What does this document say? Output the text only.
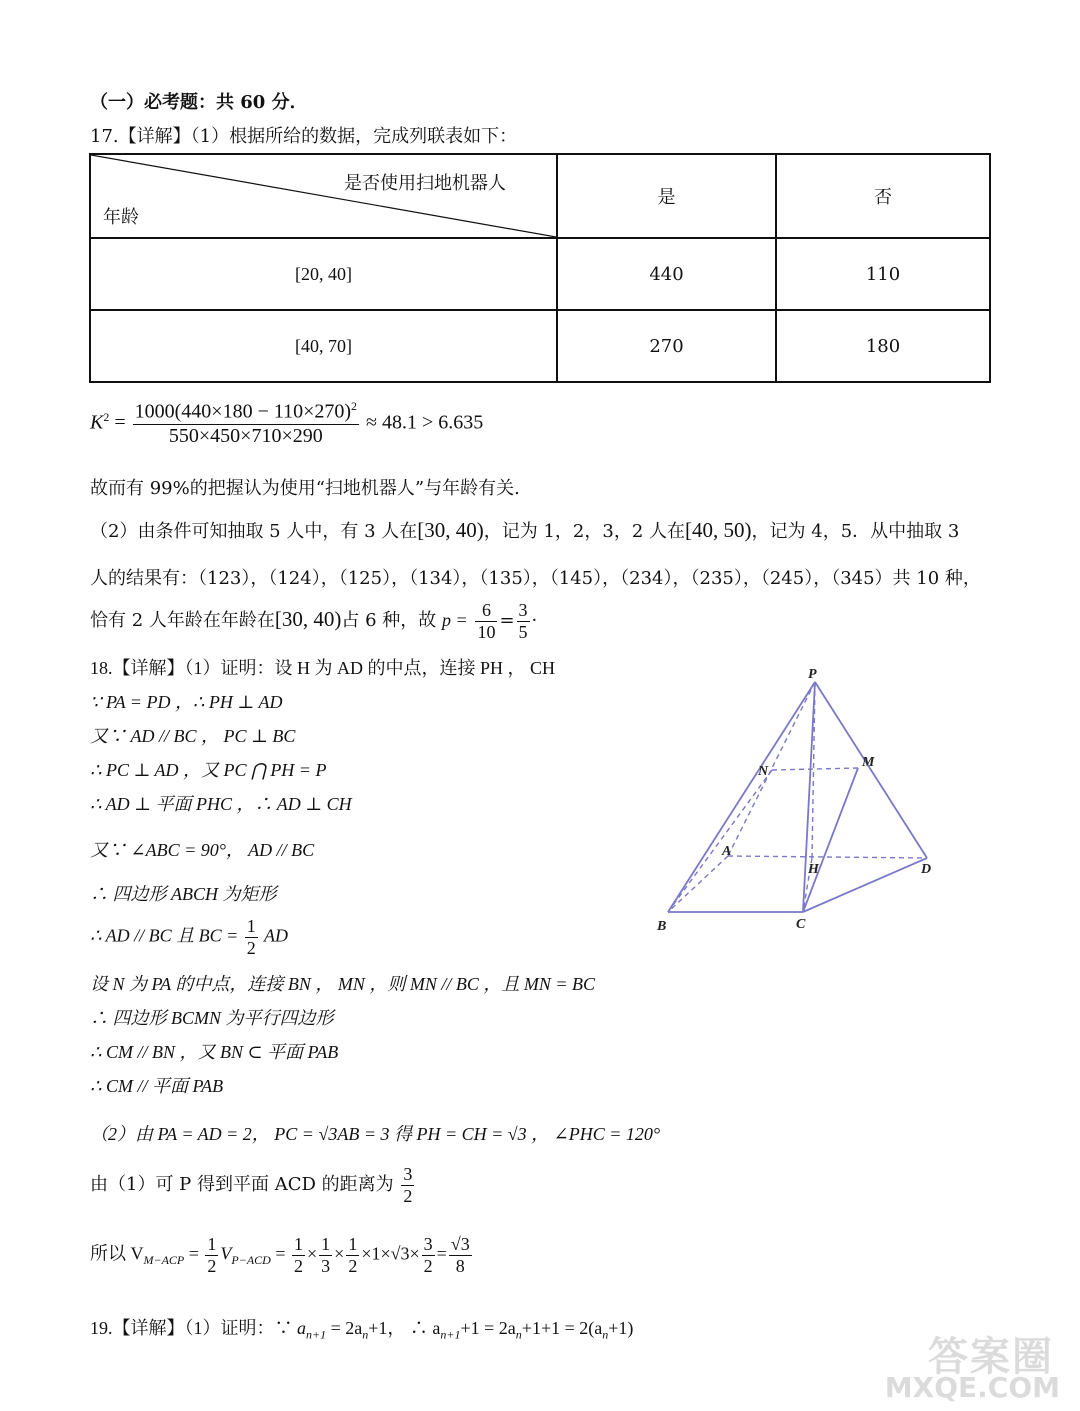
（一）必考题：共 60 分．
17.【详解】（1）根据所给的数据，完成列联表如下：
是否使用扫地机器人
年龄	是	否
[20, 40]	440	110
[40, 70]	270	180
$K^2 = \frac{1000(440\times 180 - 110\times 270)^2}{550\times 450\times 710\times 290} \approx 48.1 > 6.635$
故而有 99%的把握认为使用“扫地机器人”与年龄有关.
（2）由条件可知抽取 5 人中，有 3 人在[30, 40)，记为 1，2，3，2 人在[40, 50)，记为 4，5．从中抽取 3
人的结果有：（123），（124），（125），（134），（135），（145），（234），（235），（245），（345）共 10 种，
恰有 2 人年龄在年龄在[30, 40)占 6 种，故 $p = \frac{6}{10} = \frac{3}{5}$ ·
18.【详解】（1）证明：设 H 为 AD 的中点，连接 PH ， CH
∵ PA = PD ，∴ PH ⊥ AD
又∵ AD // BC ， PC ⊥ BC
∴ PC ⊥ AD ，又 PC ⋂ PH = P
∴ AD ⊥ 平面 PHC ，∴ AD ⊥ CH
又∵ ∠ABC = 90°， AD // BC
∴ 四边形 ABCH 为矩形
∴ AD // BC 且 BC = $\frac{1}{2}$ AD
设 N 为 PA 的中点，连接 BN ， MN ，则 MN // BC ，且 MN = BC
∴ 四边形 BCMN 为平行四边形
∴ CM // BN ，又 BN ⊂ 平面 PAB
∴ CM // 平面 PAB
（2）由 PA = AD = 2， PC = √3AB = 3 得 PH = CH = √3 ， ∠PHC = 120°
由（1）可 P 得到平面 ACD 的距离为 $\frac{3}{2}$
所以 $V_{M-ACP} = \frac{1}{2} V_{P-ACD} = \frac{1}{2} \times \frac{1}{3} \times \frac{1}{2} \times 1\times√3\times \frac{3}{2} = \frac{√3}{8}$
19.【详解】（1）证明：∵ $a_{n+1} = 2a_n+1$， ∴ $a_{n+1}+1 = 2a_n+1+1 = 2(a_n+1)$
P
M
N
A
H	D
B	C
答案圈
MXQE.COM
